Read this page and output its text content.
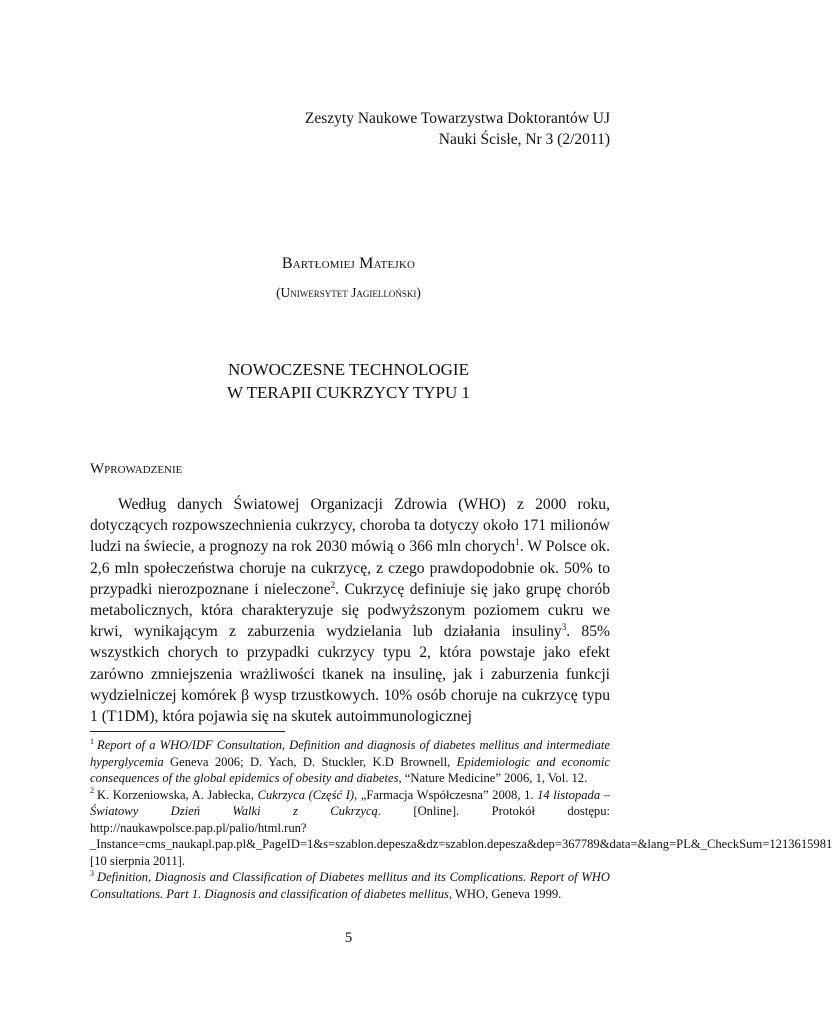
Zeszyty Naukowe Towarzystwa Doktorantów UJ
Nauki Ścisłe, Nr 3 (2/2011)
Bartłomiej Matejko
(Uniwersytet Jagielloński)
NOWOCZESNE TECHNOLOGIE
W TERAPII CUKRZYCY TYPU 1
Wprowadzenie

Według danych Światowej Organizacji Zdrowia (WHO) z 2000 roku, dotyczących rozpowszechnienia cukrzycy, choroba ta dotyczy około 171 milionów ludzi na świecie, a prognozy na rok 2030 mówią o 366 mln chorych$^1$. W Polsce ok. 2,6 mln społeczeństwa choruje na cukrzycę, z czego prawdopodobnie ok. 50% to przypadki nierozpoznane i nieleczone$^2$. Cukrzycę definiuje się jako grupę chorób metabolicznych, która charakteryzuje się podwyższonym poziomem cukru we krwi, wynikającym z zaburzenia wydzielania lub działania insuliny$^3$. 85% wszystkich chorych to przypadki cukrzycy typu 2, która powstaje jako efekt zarówno zmniejszenia wrażliwości tkanek na insulinę, jak i zaburzenia funkcji wydzielniczej komórek β wysp trzustkowych. 10% osób choruje na cukrzycę typu 1 (T1DM), która pojawia się na skutek autoimmunologicznej

$^1$ Report of a WHO/IDF Consultation, Definition and diagnosis of diabetes mellitus and intermediate hyperglycemia Geneva 2006; D. Yach, D. Stuckler, K.D Brownell, Epidemiologic and economic consequences of the global epidemics of obesity and diabetes, “Nature Medicine” 2006, 1, Vol. 12.

$^2$ K. Korzeniowska, A. Jabłecka, Cukrzyca (Część I), „Farmacja Współczesna” 2008, 1. 14 listopada – Światowy Dzień Walki z Cukrzycą. [Online]. Protokół dostępu: http://naukawpolsce.pap.pl/palio/html.run?_Instance=cms_naukapl.pap.pl&_PageID=1&s=szablon.depesza&dz=szablon.depesza&dep=367789&data=&lang=PL&_CheckSum=1213615981 [10 sierpnia 2011].

$^3$ Definition, Diagnosis and Classification of Diabetes mellitus and its Complications. Report of WHO Consultations. Part 1. Diagnosis and classification of diabetes mellitus, WHO, Geneva 1999.

5
